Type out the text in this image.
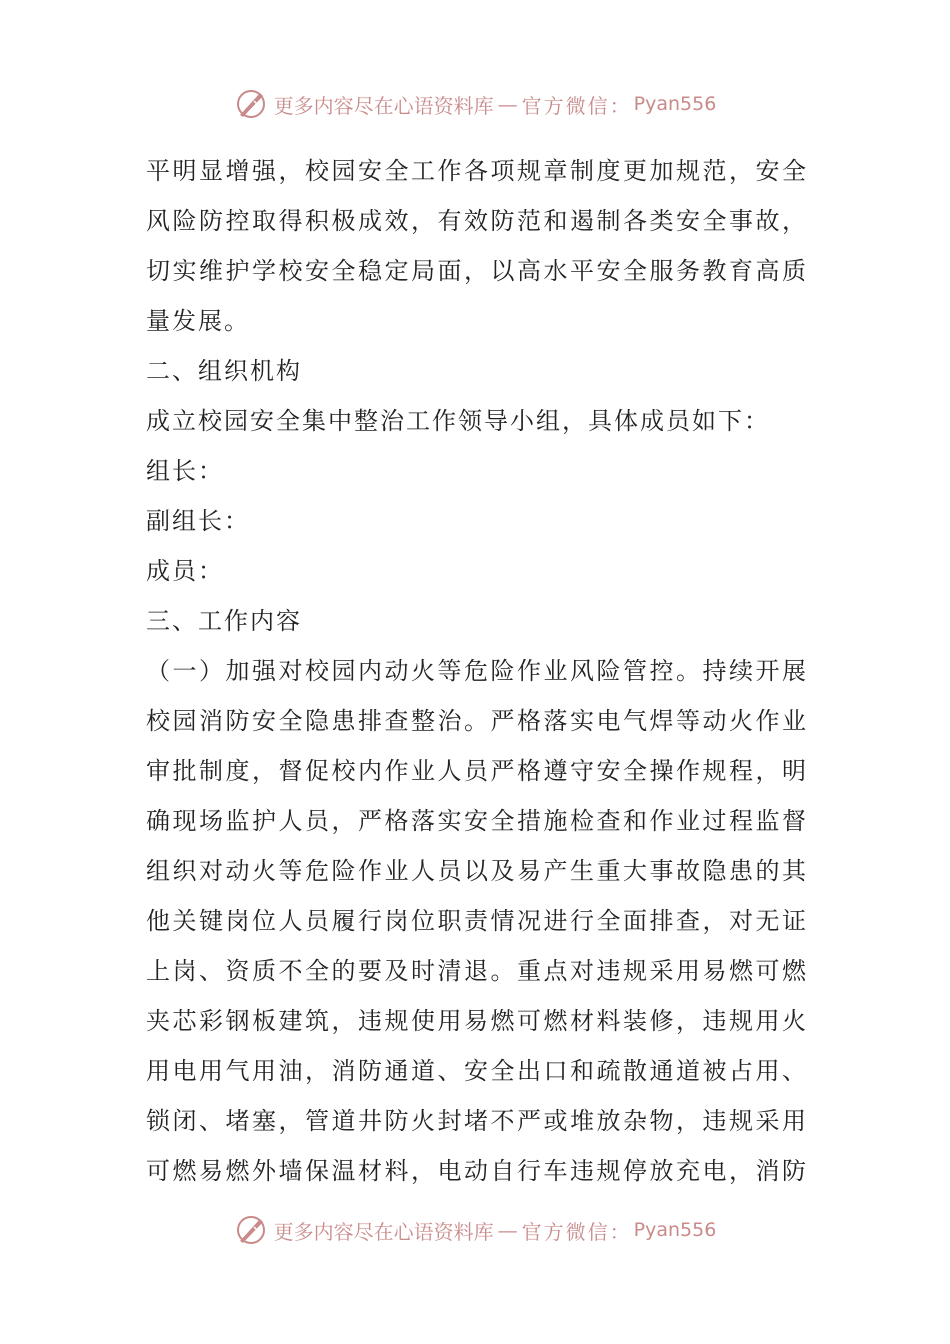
更多内容尽在心语资料库 — 官方微信： Pyan556
平明显增强，校园安全工作各项规章制度更加规范，安全
风险防控取得积极成效，有效防范和遏制各类安全事故，
切实维护学校安全稳定局面，以高水平安全服务教育高质
量发展。
二、组织机构
成立校园安全集中整治工作领导小组，具体成员如下：
组长：
副组长：
成员：
三、工作内容
（一）加强对校园内动火等危险作业风险管控。持续开展
校园消防安全隐患排查整治。严格落实电气焊等动火作业
审批制度，督促校内作业人员严格遵守安全操作规程，明
确现场监护人员，严格落实安全措施检查和作业过程监督
组织对动火等危险作业人员以及易产生重大事故隐患的其
他关键岗位人员履行岗位职责情况进行全面排查，对无证
上岗、资质不全的要及时清退。重点对违规采用易燃可燃
夹芯彩钢板建筑，违规使用易燃可燃材料装修，违规用火
用电用气用油，消防通道、安全出口和疏散通道被占用、
锁闭、堵塞，管道井防火封堵不严或堆放杂物，违规采用
可燃易燃外墙保温材料，电动自行车违规停放充电，消防
更多内容尽在心语资料库 — 官方微信： Pyan556
